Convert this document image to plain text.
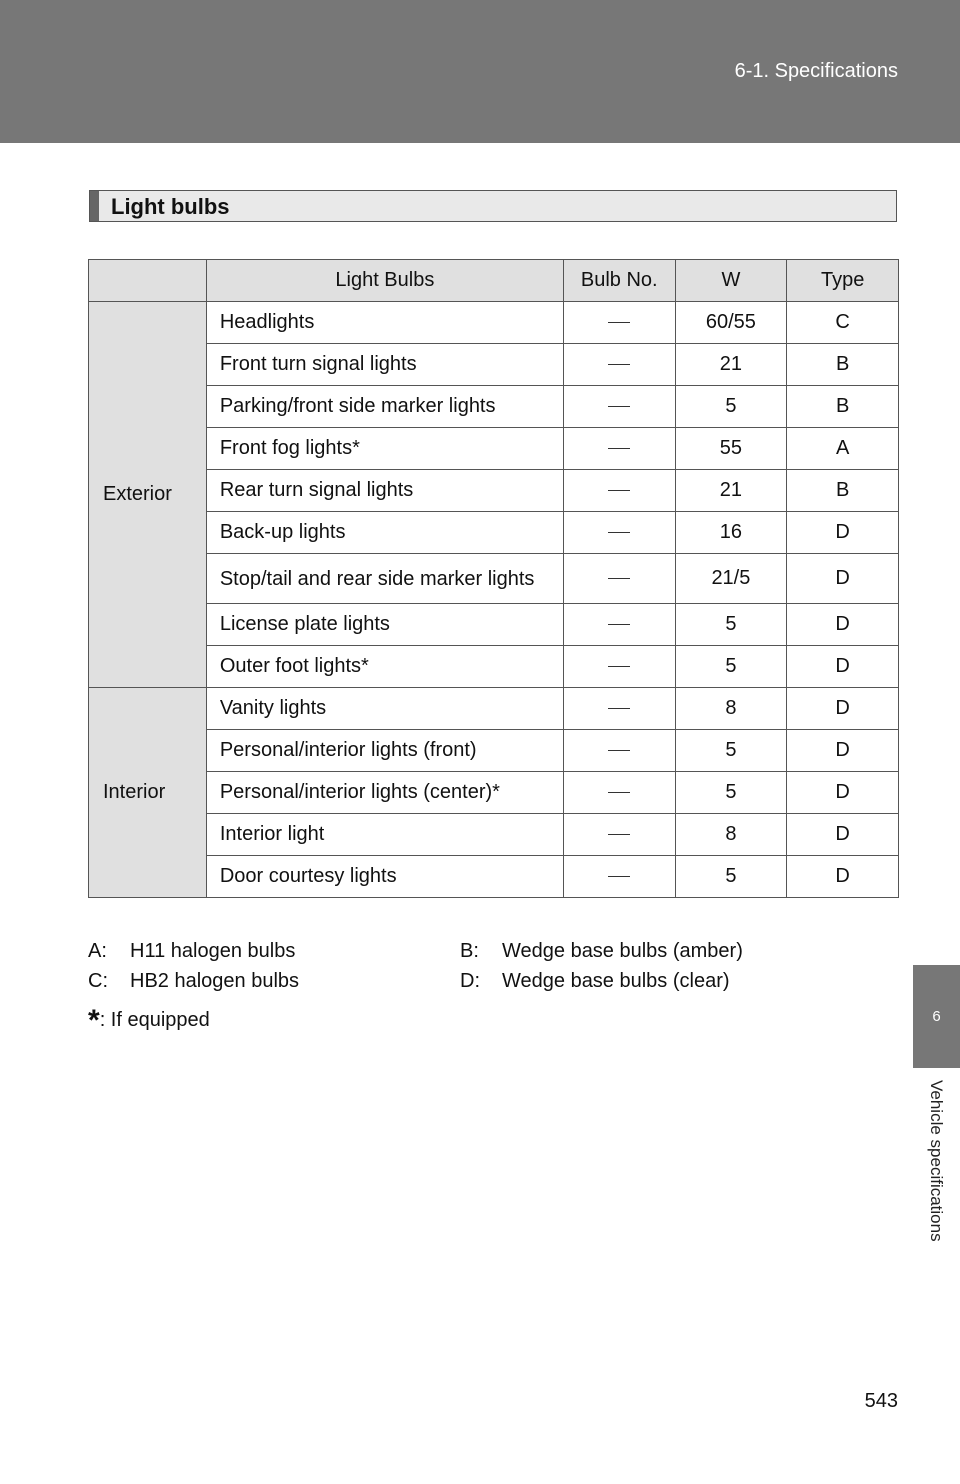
6-1. Specifications
6
Vehicle specifications
Light bulbs
	Light Bulbs	Bulb No.	W	Type
Exterior	Headlights		60/55	C
	Front turn signal lights		21	B
	Parking/front side marker lights		5	B
	Front fog lights*		55	A
	Rear turn signal lights		21	B
	Back-up lights		16	D
	Stop/tail and rear side marker lights		21/5	D
	License plate lights		5	D
	Outer foot lights*		5	D
Interior	Vanity lights		8	D
	Personal/interior lights (front)		5	D
	Personal/interior lights (center)*		5	D
	Interior light		8	D
	Door courtesy lights		5	D
A:	H11 halogen bulbs	B:	Wedge base bulbs (amber)
C:	HB2 halogen bulbs	D:	Wedge base bulbs (clear)
*: If equipped
543
